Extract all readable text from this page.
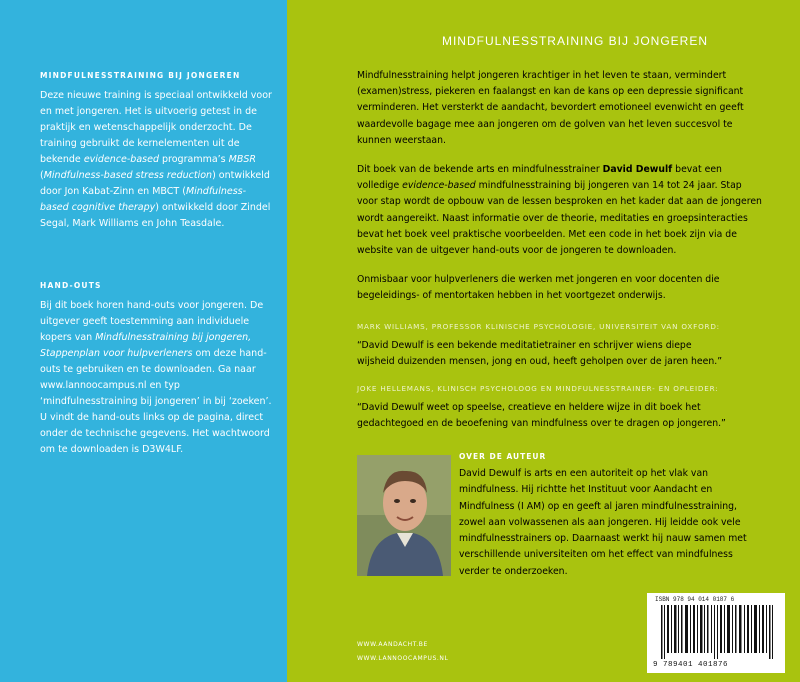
MINDFULNESSTRAINING BIJ JONGEREN

Deze nieuwe training is speciaal ontwikkeld voor en met jongeren. Het is uitvoerig getest in de praktijk en wetenschappelijk onderzocht. De training gebruikt de kernelementen uit de bekende evidence-based programma’s MBSR (Mindfulness-based stress reduction) ontwikkeld door Jon Kabat-Zinn en MBCT (Mindfulness-based cognitive therapy) ontwikkeld door Zindel Segal, Mark Williams en John Teasdale.

HAND-OUTS

Bij dit boek horen hand-outs voor jongeren. De uitgever geeft toestemming aan individuele kopers van Mindfulnesstraining bij jongeren, Stappenplan voor hulpverleners om deze hand-outs te gebruiken en te downloaden. Ga naar www.lannoocampus.nl en typ ‘mindfulnesstraining bij jongeren’ in bij ‘zoeken’. U vindt de hand-outs links op de pagina, direct onder de technische gegevens. Het wachtwoord om te downloaden is D3W4LF.

MINDFULNESSTRAINING BIJ JONGEREN

Mindfulnesstraining helpt jongeren krachtiger in het leven te staan, vermindert (examen)stress, piekeren en faalangst en kan de kans op een depressie significant verminderen. Het versterkt de aandacht, bevordert emotioneel evenwicht en geeft waardevolle bagage mee aan jongeren om de golven van het leven succesvol te kunnen weerstaan.

Dit boek van de bekende arts en mindfulnesstrainer David Dewulf bevat een volledige evidence-based mindfulnesstraining bij jongeren van 14 tot 24 jaar. Stap voor stap wordt de opbouw van de lessen besproken en het kader dat aan de jongeren wordt aangereikt. Naast informatie over de theorie, meditaties en groepsinteracties bevat het boek veel praktische voorbeelden. Met een code in het boek zijn via de website van de uitgever hand-outs voor de jongeren te downloaden.

Onmisbaar voor hulpverleners die werken met jongeren en voor docenten die begeleidings- of mentortaken hebben in het voortgezet onderwijs.

MARK WILLIAMS, PROFESSOR KLINISCHE PSYCHOLOGIE, UNIVERSITEIT VAN OXFORD:
“David Dewulf is een bekende meditatietrainer en schrijver wiens diepe wijsheid duizenden mensen, jong en oud, heeft geholpen over de jaren heen.”
JOKE HELLEMANS, KLINISCH PSYCHOLOOG EN MINDFULNESSTRAINER- EN OPLEIDER:
“David Dewulf weet op speelse, creatieve en heldere wijze in dit boek het gedachtegoed en de beoefening van mindfulness over te dragen op jongeren.”
OVER DE AUTEUR
David Dewulf is arts en een autoriteit op het vlak van mindfulness. Hij richtte het Instituut voor Aandacht en Mindfulness (I AM) op en geeft al jaren mindfulnesstraining, zowel aan volwassenen als aan jongeren. Hij leidde ook vele mindfulnesstrainers op. Daarnaast werkt hij nauw samen met verschillende universiteiten om het effect van mindfulness verder te onderzoeken.
WWW.AANDACHT.BE
WWW.LANNOOCAMPUS.NL
ISBN 978 94 014 0187 6
9 789401 401876
